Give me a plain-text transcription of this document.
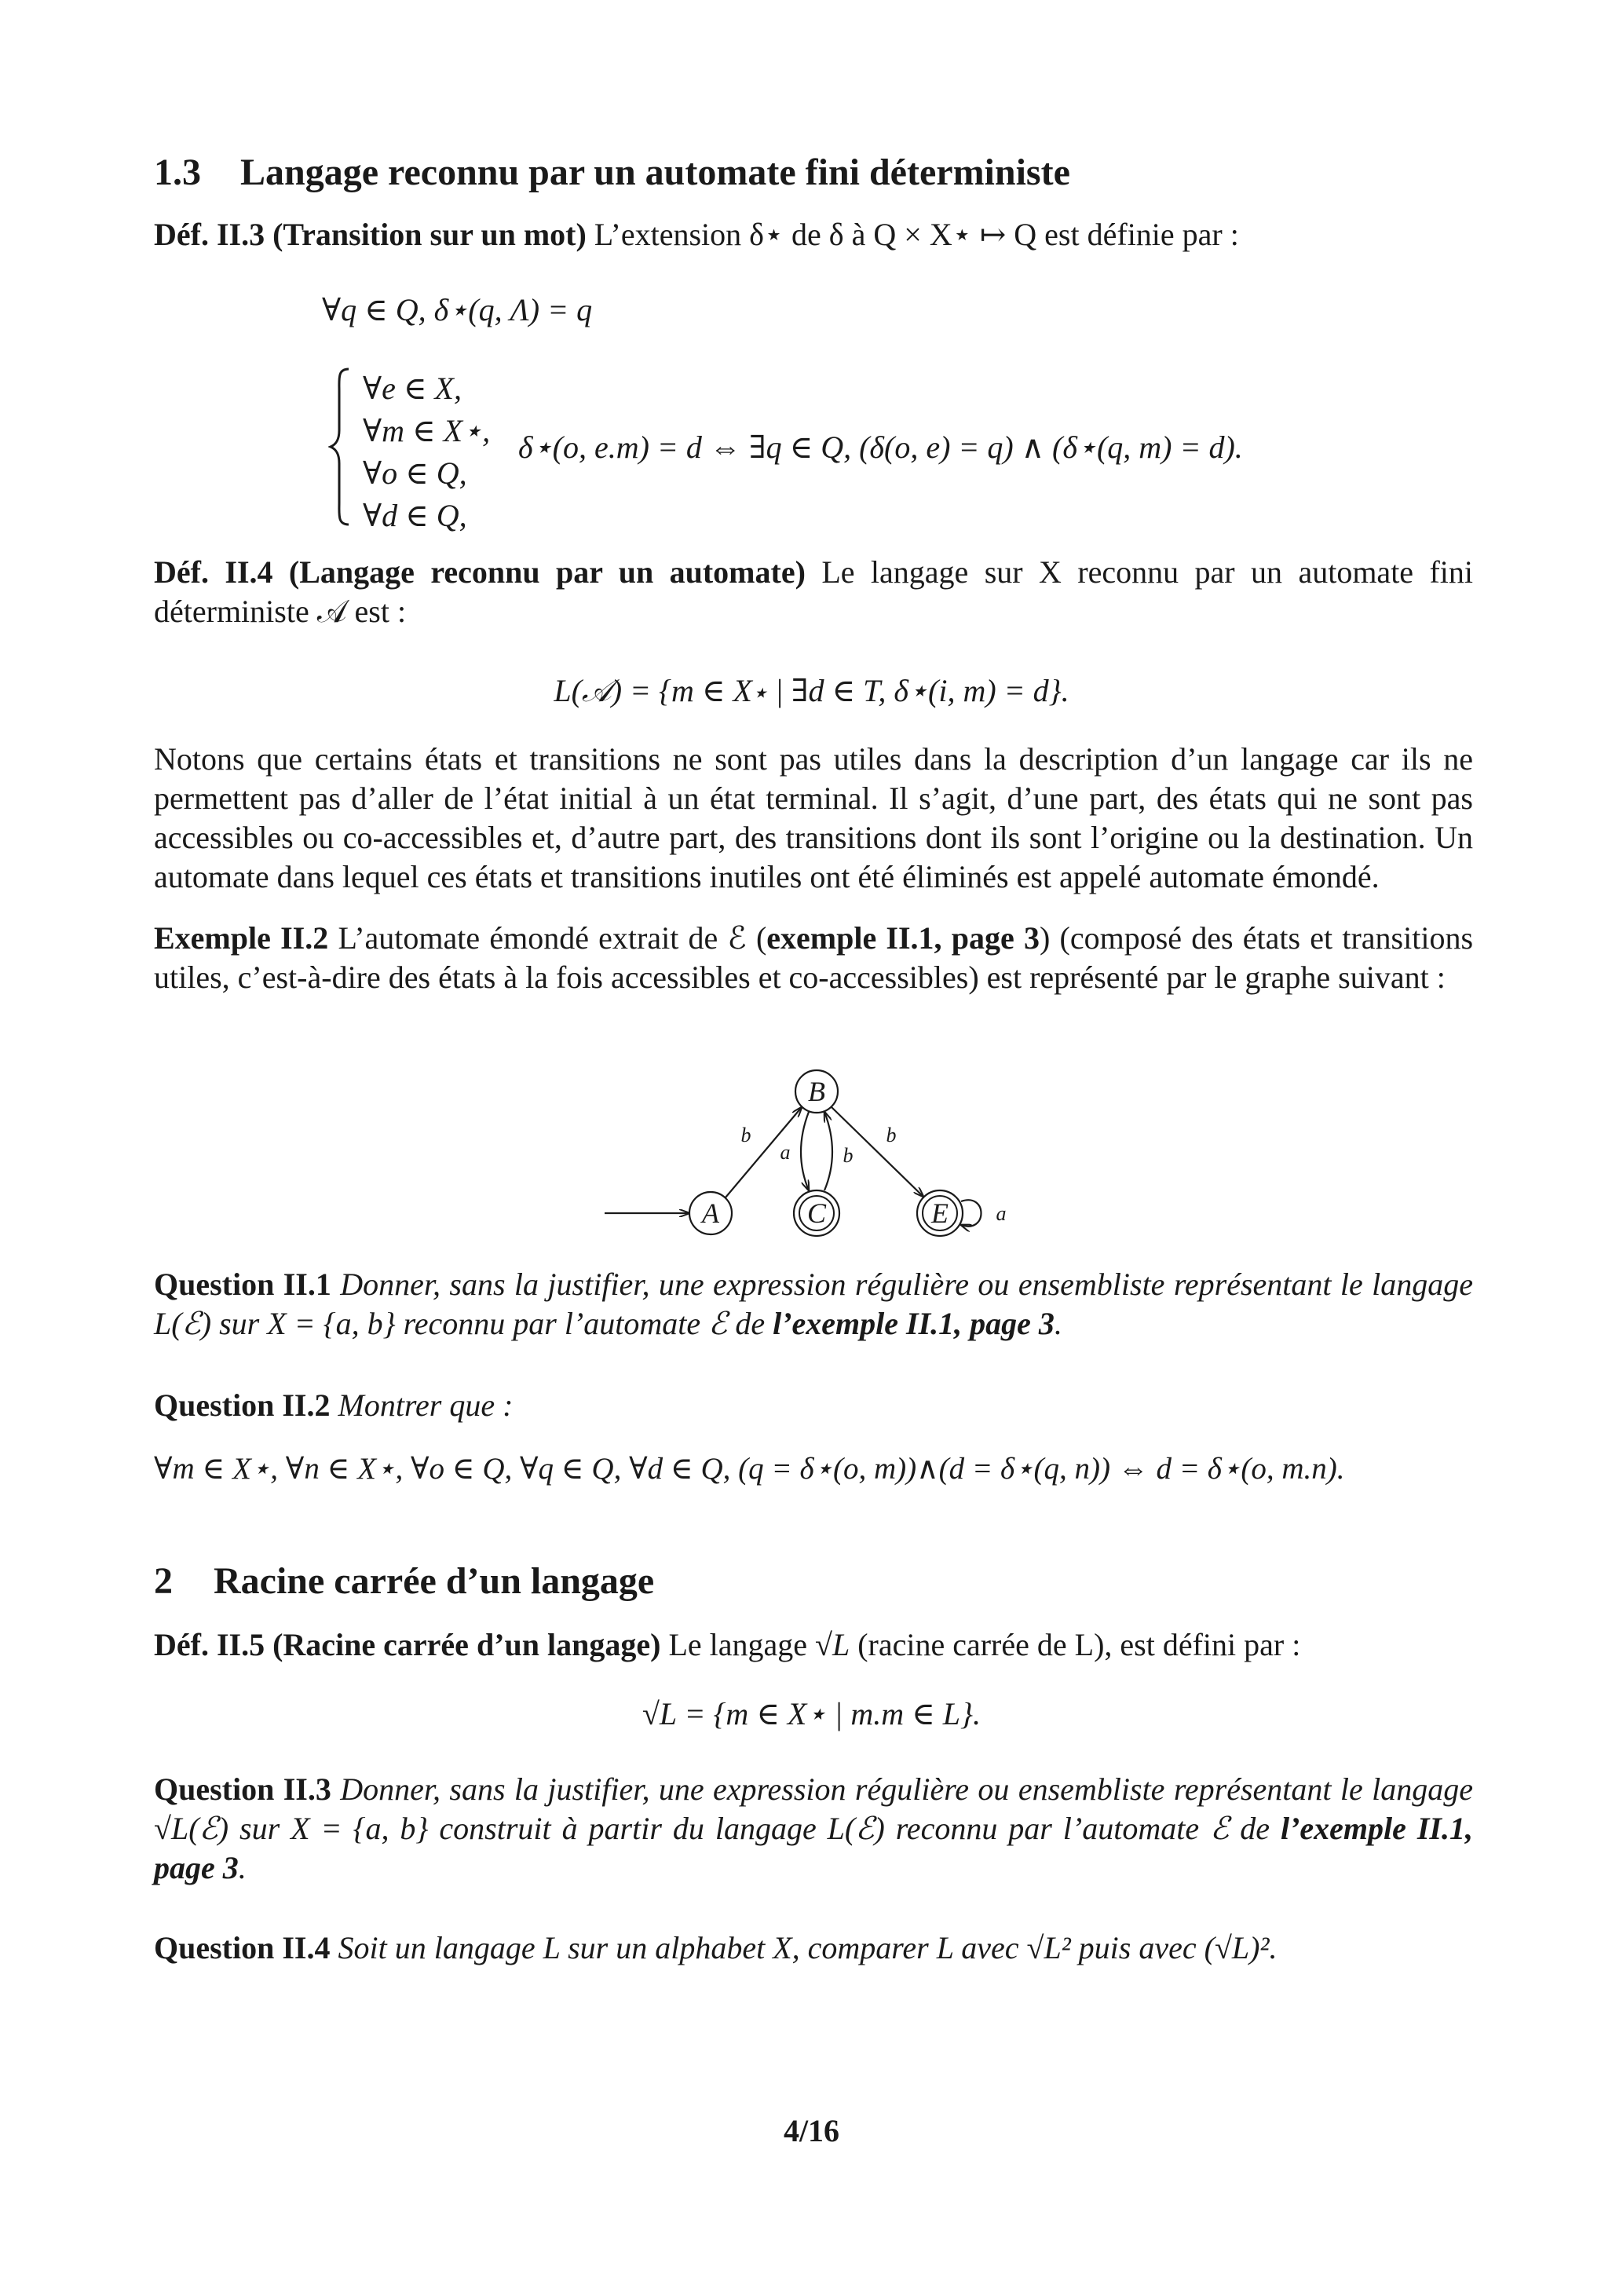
1.3 Langage reconnu par un automate fini déterministe
Déf. II.3 (Transition sur un mot) L’extension δ⋆ de δ à Q × X⋆ ↦ Q est définie par :
∀q ∈ Q, δ⋆(q, Λ) = q
∀e ∈ X,
∀m ∈ X⋆,
∀o ∈ Q,
∀d ∈ Q,
δ⋆(o, e.m) = d ⇔ ∃q ∈ Q, (δ(o, e) = q) ∧ (δ⋆(q, m) = d).
Déf. II.4 (Langage reconnu par un automate) Le langage sur X reconnu par un automate fini déterministe 𝒜 est :
L(𝒜) = {m ∈ X⋆ | ∃d ∈ T, δ⋆(i, m) = d}.
Notons que certains états et transitions ne sont pas utiles dans la description d’un langage car ils ne permettent pas d’aller de l’état initial à un état terminal. Il s’agit, d’une part, des états qui ne sont pas accessibles ou co-accessibles et, d’autre part, des transitions dont ils sont l’origine ou la destination. Un automate dans lequel ces états et transitions inutiles ont été éliminés est appelé automate émondé.
Exemple II.2 L’automate émondé extrait de ℰ (exemple II.1, page 3) (composé des états et transitions utiles, c’est-à-dire des états à la fois accessibles et co-accessibles) est représenté par le graphe suivant :
A
B
C	E
b
a	b
b
a
Question II.1 Donner, sans la justifier, une expression régulière ou ensembliste représentant le langage L(ℰ) sur X = {a, b} reconnu par l’automate ℰ de l’exemple II.1, page 3.
Question II.2 Montrer que :
∀m ∈ X⋆, ∀n ∈ X⋆, ∀o ∈ Q, ∀q ∈ Q, ∀d ∈ Q, (q = δ⋆(o, m))∧(d = δ⋆(q, n)) ⇔ d = δ⋆(o, m.n).
2 Racine carrée d’un langage
Déf. II.5 (Racine carrée d’un langage) Le langage √L (racine carrée de L), est défini par :
√L = {m ∈ X⋆ | m.m ∈ L}.
Question II.3 Donner, sans la justifier, une expression régulière ou ensembliste représentant le langage √L(ℰ) sur X = {a, b} construit à partir du langage L(ℰ) reconnu par l’automate ℰ de l’exemple II.1, page 3.
Question II.4 Soit un langage L sur un alphabet X, comparer L avec √L² puis avec (√L)².
4/16
